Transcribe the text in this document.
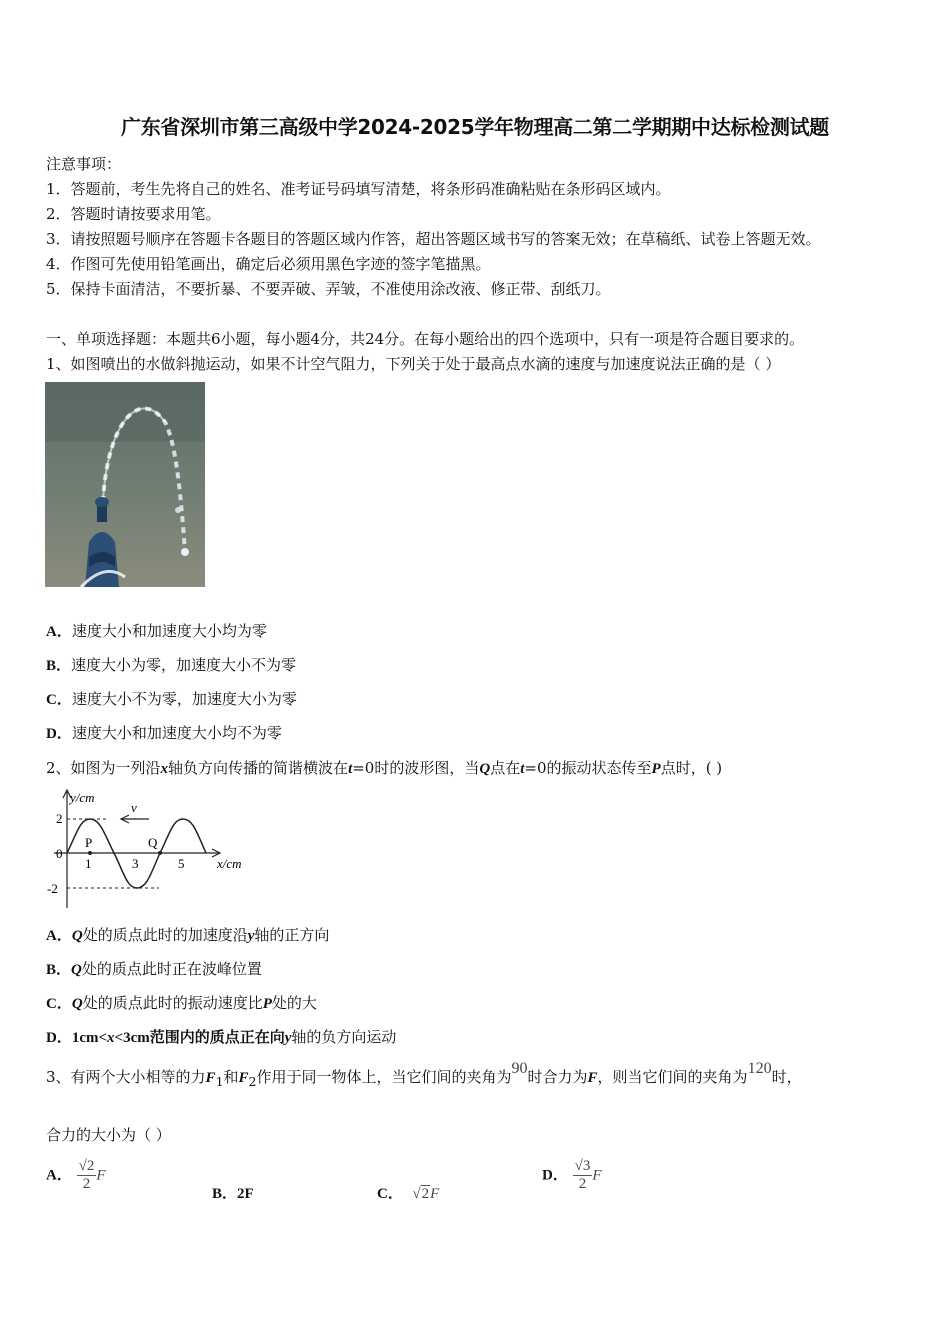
广东省深圳市第三高级中学2024-2025学年物理高二第二学期期中达标检测试题
注意事项：
1．答题前，考生先将自己的姓名、准考证号码填写清楚，将条形码准确粘贴在条形码区域内。
2．答题时请按要求用笔。
3．请按照题号顺序在答题卡各题目的答题区域内作答，超出答题区域书写的答案无效；在草稿纸、试卷上答题无效。
4．作图可先使用铅笔画出，确定后必须用黑色字迹的签字笔描黑。
5．保持卡面清洁，不要折暴、不要弄破、弄皱，不准使用涂改液、修正带、刮纸刀。
一、单项选择题：本题共6小题，每小题4分，共24分。在每小题给出的四个选项中，只有一项是符合题目要求的。
1、如图喷出的水做斜抛运动，如果不计空气阻力，下列关于处于最高点水滴的速度与加速度说法正确的是（ ）
A．速度大小和加速度大小均为零
B．速度大小为零，加速度大小不为零
C．速度大小不为零，加速度大小为零
D．速度大小和加速度大小均不为零
2、如图为一列沿x轴负方向传播的简谐横波在t=0时的波形图，当Q点在t=0的振动状态传至P点时，( )
y/cm
x/cm
2
0
-2
1	3	5
P	Q
v
A．Q处的质点此时的加速度沿y轴的正方向
B．Q处的质点此时正在波峰位置
C．Q处的质点此时的振动速度比P处的大
D．1cm<x<3cm范围内的质点正在向y轴的负方向运动
3、有两个大小相等的力$F_1$和$F_2$作用于同一物体上，当它们间的夹角为90时合力为F，则当它们间的夹角为120时，
合力的大小为（ ）
A． $\frac{√2}{2}$ F
B．2F	C． √2F
D． $\frac{√3}{2}$ F
